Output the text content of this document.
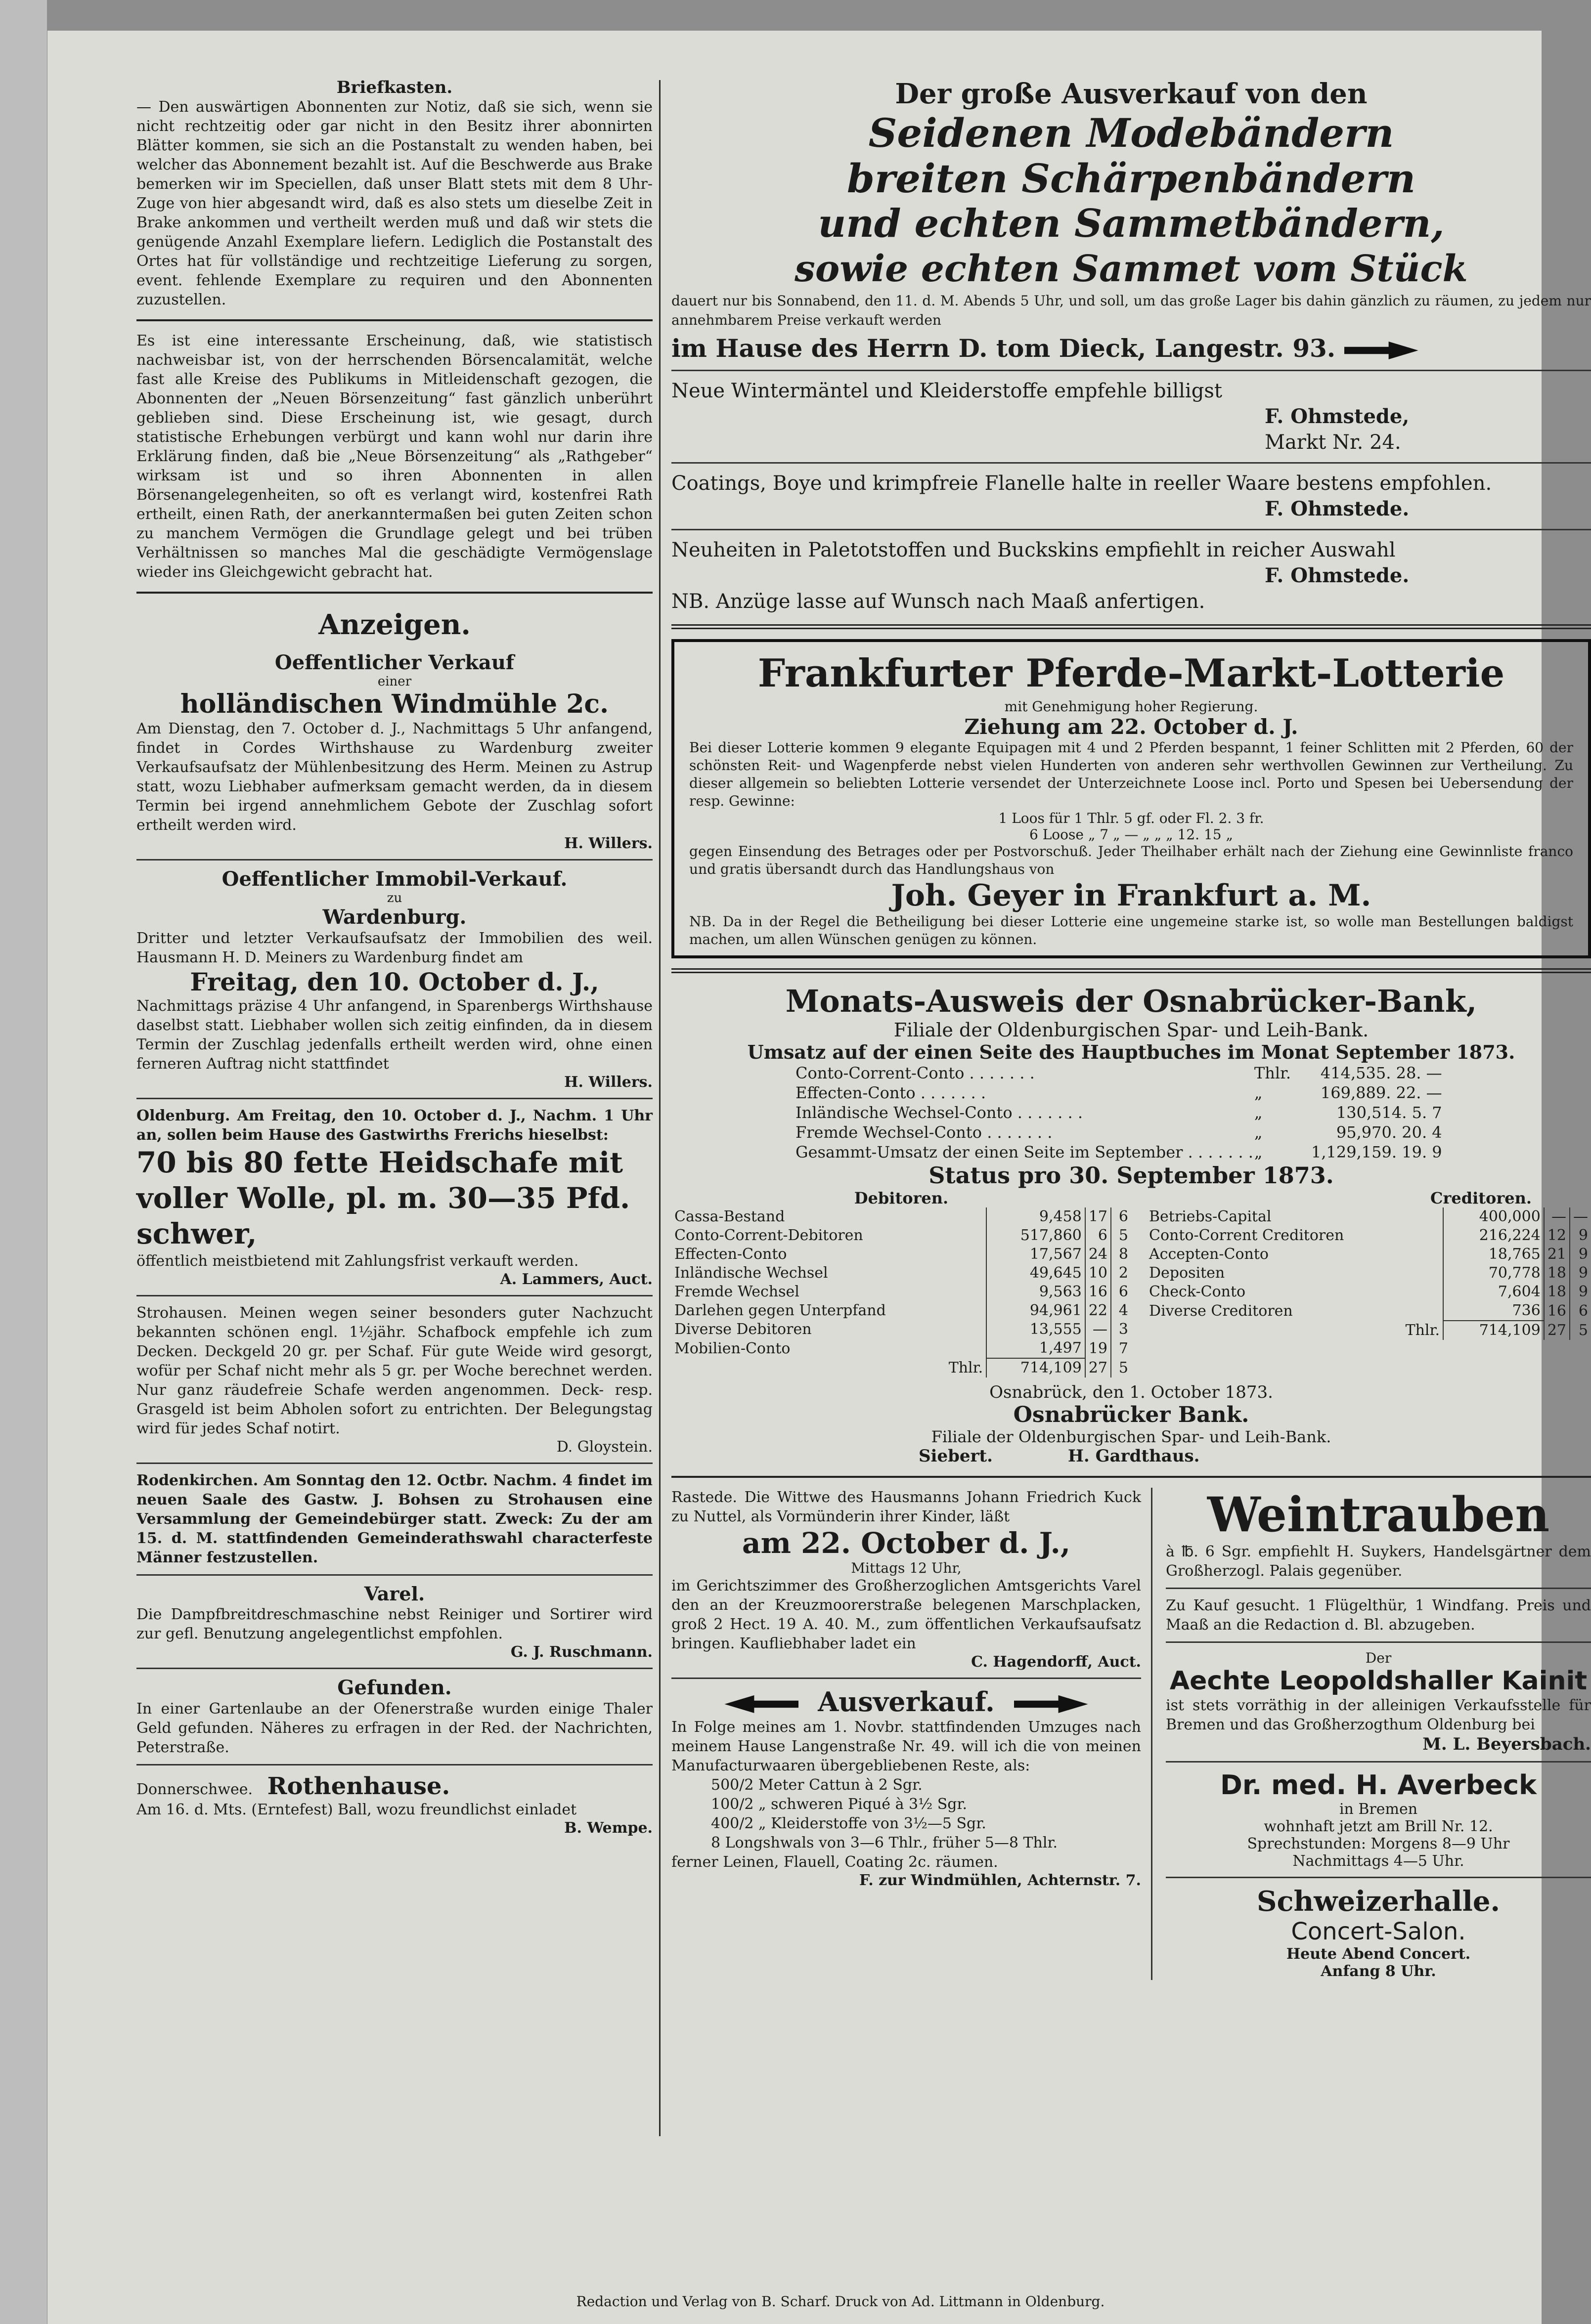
Briefkasten.

— Den auswärtigen Abonnenten zur Notiz, daß sie sich, wenn sie nicht rechtzeitig oder gar nicht in den Besitz ihrer abonnirten Blätter kommen, sie sich an die Postanstalt zu wenden haben, bei welcher das Abonnement bezahlt ist. Auf die Beschwerde aus Brake bemerken wir im Speciellen, daß unser Blatt stets mit dem 8 Uhr-Zuge von hier abgesandt wird, daß es also stets um dieselbe Zeit in Brake ankommen und vertheilt werden muß und daß wir stets die genügende Anzahl Exemplare liefern. Lediglich die Postanstalt des Ortes hat für vollständige und rechtzeitige Lieferung zu sorgen, event. fehlende Exemplare zu requiren und den Abonnenten zuzustellen.

Es ist eine interessante Erscheinung, daß, wie statistisch nachweisbar ist, von der herrschenden Börsencalamität, welche fast alle Kreise des Publikums in Mitleidenschaft gezogen, die Abonnenten der „Neuen Börsenzeitung“ fast gänzlich unberührt geblieben sind. Diese Erscheinung ist, wie gesagt, durch statistische Erhebungen verbürgt und kann wohl nur darin ihre Erklärung finden, daß bie „Neue Börsenzeitung“ als „Rathgeber“ wirksam ist und so ihren Abonnenten in allen Börsenangelegenheiten, so oft es verlangt wird, kostenfrei Rath ertheilt, einen Rath, der anerkanntermaßen bei guten Zeiten schon zu manchem Vermögen die Grundlage gelegt und bei trüben Verhältnissen so manches Mal die geschädigte Vermögenslage wieder ins Gleichgewicht gebracht hat.

Anzeigen.

Oeffentlicher Verkauf

einer

holländischen Windmühle 2c.

Am Dienstag, den 7. October d. J., Nachmittags 5 Uhr anfangend, findet in Cordes Wirthshause zu Wardenburg zweiter Verkaufsaufsatz der Mühlenbesitzung des Herm. Meinen zu Astrup statt, wozu Liebhaber aufmerksam gemacht werden, da in diesem Termin bei irgend annehmlichem Gebote der Zuschlag sofort ertheilt werden wird.

H. Willers.

Oeffentlicher Immobil-Verkauf.

zu

Wardenburg.

Dritter und letzter Verkaufsaufsatz der Immobilien des weil. Hausmann H. D. Meiners zu Wardenburg findet am

Freitag, den 10. October d. J.,

Nachmittags präzise 4 Uhr anfangend, in Sparenbergs Wirthshause daselbst statt. Liebhaber wollen sich zeitig einfinden, da in diesem Termin der Zuschlag jedenfalls ertheilt werden wird, ohne einen ferneren Auftrag nicht stattfindet

H. Willers.

Oldenburg. Am Freitag, den 10. October d. J., Nachm. 1 Uhr an, sollen beim Hause des Gastwirths Frerichs hieselbst:

70 bis 80 fette Heidschafe mit voller Wolle, pl. m. 30—35 Pfd. schwer,

öffentlich meistbietend mit Zahlungsfrist verkauft werden.

A. Lammers, Auct.

Strohausen. Meinen wegen seiner besonders guter Nachzucht bekannten schönen engl. 1½jähr. Schafbock empfehle ich zum Decken. Deckgeld 20 gr. per Schaf. Für gute Weide wird gesorgt, wofür per Schaf nicht mehr als 5 gr. per Woche berechnet werden. Nur ganz räudefreie Schafe werden angenommen. Deck- resp. Grasgeld ist beim Abholen sofort zu entrichten. Der Belegungstag wird für jedes Schaf notirt.

D. Gloystein.

Rodenkirchen. Am Sonntag den 12. Octbr. Nachm. 4 findet im neuen Saale des Gastw. J. Bohsen zu Strohausen eine Versammlung der Gemeindebürger statt. Zweck: Zu der am 15. d. M. stattfindenden Gemeinderathswahl characterfeste Männer festzustellen.

Varel.

Die Dampfbreitdreschmaschine nebst Reiniger und Sortirer wird zur gefl. Benutzung angelegentlichst empfohlen.

G. J. Ruschmann.

Gefunden.

In einer Gartenlaube an der Ofenerstraße wurden einige Thaler Geld gefunden. Näheres zu erfragen in der Red. der Nachrichten, Peterstraße.

Donnerschwee. Rothenhause.

Am 16. d. Mts. (Erntefest) Ball, wozu freundlichst einladet

B. Wempe.

Der große Ausverkauf von den

Seidenen Modebändern

breiten Schärpenbändern

und echten Sammetbändern,

sowie echten Sammet vom Stück

dauert nur bis Sonnabend, den 11. d. M. Abends 5 Uhr, und soll, um das große Lager bis dahin gänzlich zu räumen, zu jedem nur annehmbarem Preise verkauft werden

im Hause des Herrn D. tom Dieck, Langestr. 93.

Neue Wintermäntel und Kleiderstoffe empfehle billigst

F. Ohmstede,

Markt Nr. 24.

Coatings, Boye und krimpfreie Flanelle halte in reeller Waare bestens empfohlen.

F. Ohmstede.

Neuheiten in Paletotstoffen und Buckskins empfiehlt in reicher Auswahl

F. Ohmstede.

NB. Anzüge lasse auf Wunsch nach Maaß anfertigen.

Frankfurter Pferde-Markt-Lotterie

mit Genehmigung hoher Regierung.

Ziehung am 22. October d. J.

Bei dieser Lotterie kommen 9 elegante Equipagen mit 4 und 2 Pferden bespannt, 1 feiner Schlitten mit 2 Pferden, 60 der schönsten Reit- und Wagenpferde nebst vielen Hunderten von anderen sehr werthvollen Gewinnen zur Vertheilung. Zu dieser allgemein so beliebten Lotterie versendet der Unterzeichnete Loose incl. Porto und Spesen bei Uebersendung der resp. Gewinne:

1 Loos für 1 Thlr. 5 gf. oder Fl. 2. 3 fr.

6 Loose „ 7 „ — „ „ „ 12. 15 „

gegen Einsendung des Betrages oder per Postvorschuß. Jeder Theilhaber erhält nach der Ziehung eine Gewinnliste franco und gratis übersandt durch das Handlungshaus von

Joh. Geyer in Frankfurt a. M.

NB. Da in der Regel die Betheiligung bei dieser Lotterie eine ungemeine starke ist, so wolle man Bestellungen baldigst machen, um allen Wünschen genügen zu können.

Monats-Ausweis der Osnabrücker-Bank,

Filiale der Oldenburgischen Spar- und Leih-Bank.

Umsatz auf der einen Seite des Hauptbuches im Monat September 1873.

Conto-Corrent-Conto . . . . . . .	Thlr.	414,535. 28. —
Effecten-Conto . . . . . . .	„	169,889. 22. —
Inländische Wechsel-Conto . . . . . . .	„	130,514. 5. 7
Fremde Wechsel-Conto . . . . . . .	„	95,970. 20. 4
Gesammt-Umsatz der einen Seite im September . . . . . . .	„	1,129,159. 19. 9

Status pro 30. September 1873.

Debitoren.

Cassa-Bestand	9,458	17	6
Conto-Corrent-Debitoren	517,860	6	5
Effecten-Conto	17,567	24	8
Inländische Wechsel	49,645	10	2
Fremde Wechsel	9,563	16	6
Darlehen gegen Unterpfand	94,961	22	4
Diverse Debitoren	13,555	—	3
Mobilien-Conto	1,497	19	7
Thlr.	714,109	27	5

Creditoren.

Betriebs-Capital	400,000	—	—
Conto-Corrent Creditoren	216,224	12	9
Accepten-Conto	18,765	21	9
Depositen	70,778	18	9
Check-Conto	7,604	18	9
Diverse Creditoren	736	16	6
Thlr.	714,109	27	5

Osnabrück, den 1. October 1873.

Osnabrücker Bank.

Filiale der Oldenburgischen Spar- und Leih-Bank.

Siebert.	H. Gardthaus.

Rastede. Die Wittwe des Hausmanns Johann Friedrich Kuck zu Nuttel, als Vormünderin ihrer Kinder, läßt

am 22. October d. J.,

Mittags 12 Uhr,

im Gerichtszimmer des Großherzoglichen Amtsgerichts Varel den an der Kreuzmoorerstraße belegenen Marschplacken, groß 2 Hect. 19 A. 40. M., zum öffentlichen Verkaufsaufsatz bringen. Kaufliebhaber ladet ein

C. Hagendorff, Auct.

Ausverkauf.

In Folge meines am 1. Novbr. stattfindenden Umzuges nach meinem Hause Langenstraße Nr. 49. will ich die von meinen Manufacturwaaren übergebliebenen Reste, als:

500/2 Meter Cattun à 2 Sgr.

100/2 „ schweren Piqué à 3½ Sgr.

400/2 „ Kleiderstoffe von 3½—5 Sgr.

8 Longshwals von 3—6 Thlr., früher 5—8 Thlr.

ferner Leinen, Flauell, Coating 2c. räumen.

F. zur Windmühlen, Achternstr. 7.

Weintrauben

à ℔. 6 Sgr. empfiehlt H. Suykers, Handelsgärtner dem Großherzogl. Palais gegenüber.

Zu Kauf gesucht. 1 Flügelthür, 1 Windfang. Preis und Maaß an die Redaction d. Bl. abzugeben.

Der

Aechte Leopoldshaller Kainit

ist stets vorräthig in der alleinigen Verkaufsstelle für Bremen und das Großherzogthum Oldenburg bei

M. L. Beyersbach.

Dr. med. H. Averbeck

in Bremen

wohnhaft jetzt am Brill Nr. 12.

Sprechstunden: Morgens 8—9 Uhr

Nachmittags 4—5 Uhr.

Schweizerhalle.

Concert-Salon.

Heute Abend Concert.

Anfang 8 Uhr.

Redaction und Verlag von B. Scharf. Druck von Ad. Littmann in Oldenburg.
